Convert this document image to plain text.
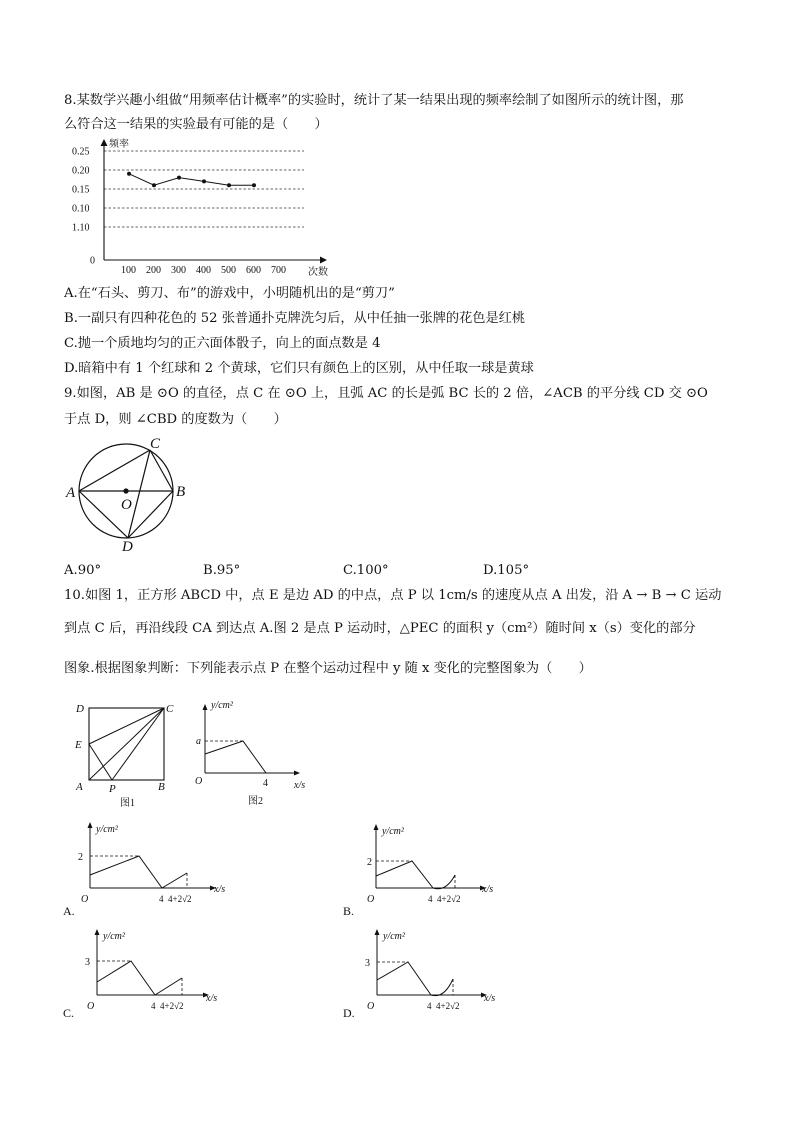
8.某数学兴趣小组做“用频率估计概率”的实验时，统计了某一结果出现的频率绘制了如图所示的统计图，那
么符合这一结果的实验最有可能的是（　　）
频率
次数
0
1.10
0.10
0.15
0.20
0.25
100 200 300 400 500 600 700
A.在“石头、剪刀、布”的游戏中，小明随机出的是“剪刀”
B.一副只有四种花色的 52 张普通扑克牌洗匀后，从中任抽一张牌的花色是红桃
C.抛一个质地均匀的正六面体骰子，向上的面点数是 4
D.暗箱中有 1 个红球和 2 个黄球，它们只有颜色上的区别，从中任取一球是黄球
9.如图，AB 是 ⊙O 的直径，点 C 在 ⊙O 上，且弧 AC 的长是弧 BC 长的 2 倍，∠ACB 的平分线 CD 交 ⊙O
于点 D，则 ∠CBD 的度数为（　　）
A	B
C
D
O
A.90°	B.95°	C.100°	D.105°
10.如图 1，正方形 ABCD 中，点 E 是边 AD 的中点，点 P 以 1cm/s 的速度从点 A 出发，沿 A → B → C 运动
到点 C 后，再沿线段 CA 到达点 A.图 2 是点 P 运动时，△PEC 的面积 y（cm²）随时间 x（s）变化的部分
图象.根据图象判断：下列能表示点 P 在整个运动过程中 y 随 x 变化的完整图象为（　　）
D	C
E
A P	B
图1
y/cm²
x/s
a
O	4
图2
y/cm²
x/s
2
O	4 4+2√2
A.
y/cm²
x/s
2
O	4 4+2√2
B.
y/cm²
x/s
3
O	4 4+2√2
C.
y/cm²
x/s
3
O	4 4+2√2
D.
